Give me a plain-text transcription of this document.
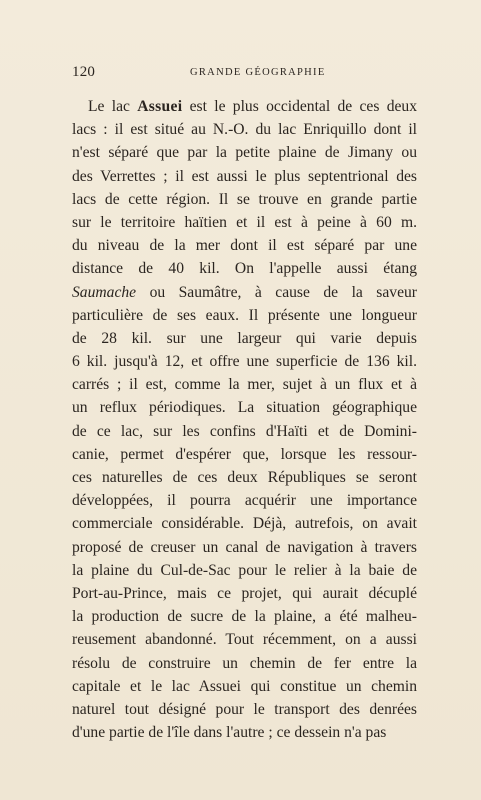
120	GRANDE GÉOGRAPHIE
Le lac Assuei est le plus occidental de ces deux
lacs : il est situé au N.-O. du lac Enriquillo dont il
n'est séparé que par la petite plaine de Jimany ou
des Verrettes ; il est aussi le plus septentrional des
lacs de cette région. Il se trouve en grande partie
sur le territoire haïtien et il est à peine à 60 m.
du niveau de la mer dont il est séparé par une
distance de 40 kil. On l'appelle aussi étang
Saumache ou Saumâtre, à cause de la saveur
particulière de ses eaux. Il présente une longueur
de 28 kil. sur une largeur qui varie depuis
6 kil. jusqu'à 12, et offre une superficie de 136 kil.
carrés ; il est, comme la mer, sujet à un flux et à
un reflux périodiques. La situation géographique
de ce lac, sur les confins d'Haïti et de Domini-
canie, permet d'espérer que, lorsque les ressour-
ces naturelles de ces deux Républiques se seront
développées, il pourra acquérir une importance
commerciale considérable. Déjà, autrefois, on avait
proposé de creuser un canal de navigation à travers
la plaine du Cul-de-Sac pour le relier à la baie de
Port-au-Prince, mais ce projet, qui aurait décuplé
la production de sucre de la plaine, a été malheu-
reusement abandonné. Tout récemment, on a aussi
résolu de construire un chemin de fer entre la
capitale et le lac Assuei qui constitue un chemin
naturel tout désigné pour le transport des denrées
d'une partie de l'île dans l'autre ; ce dessein n'a pas
